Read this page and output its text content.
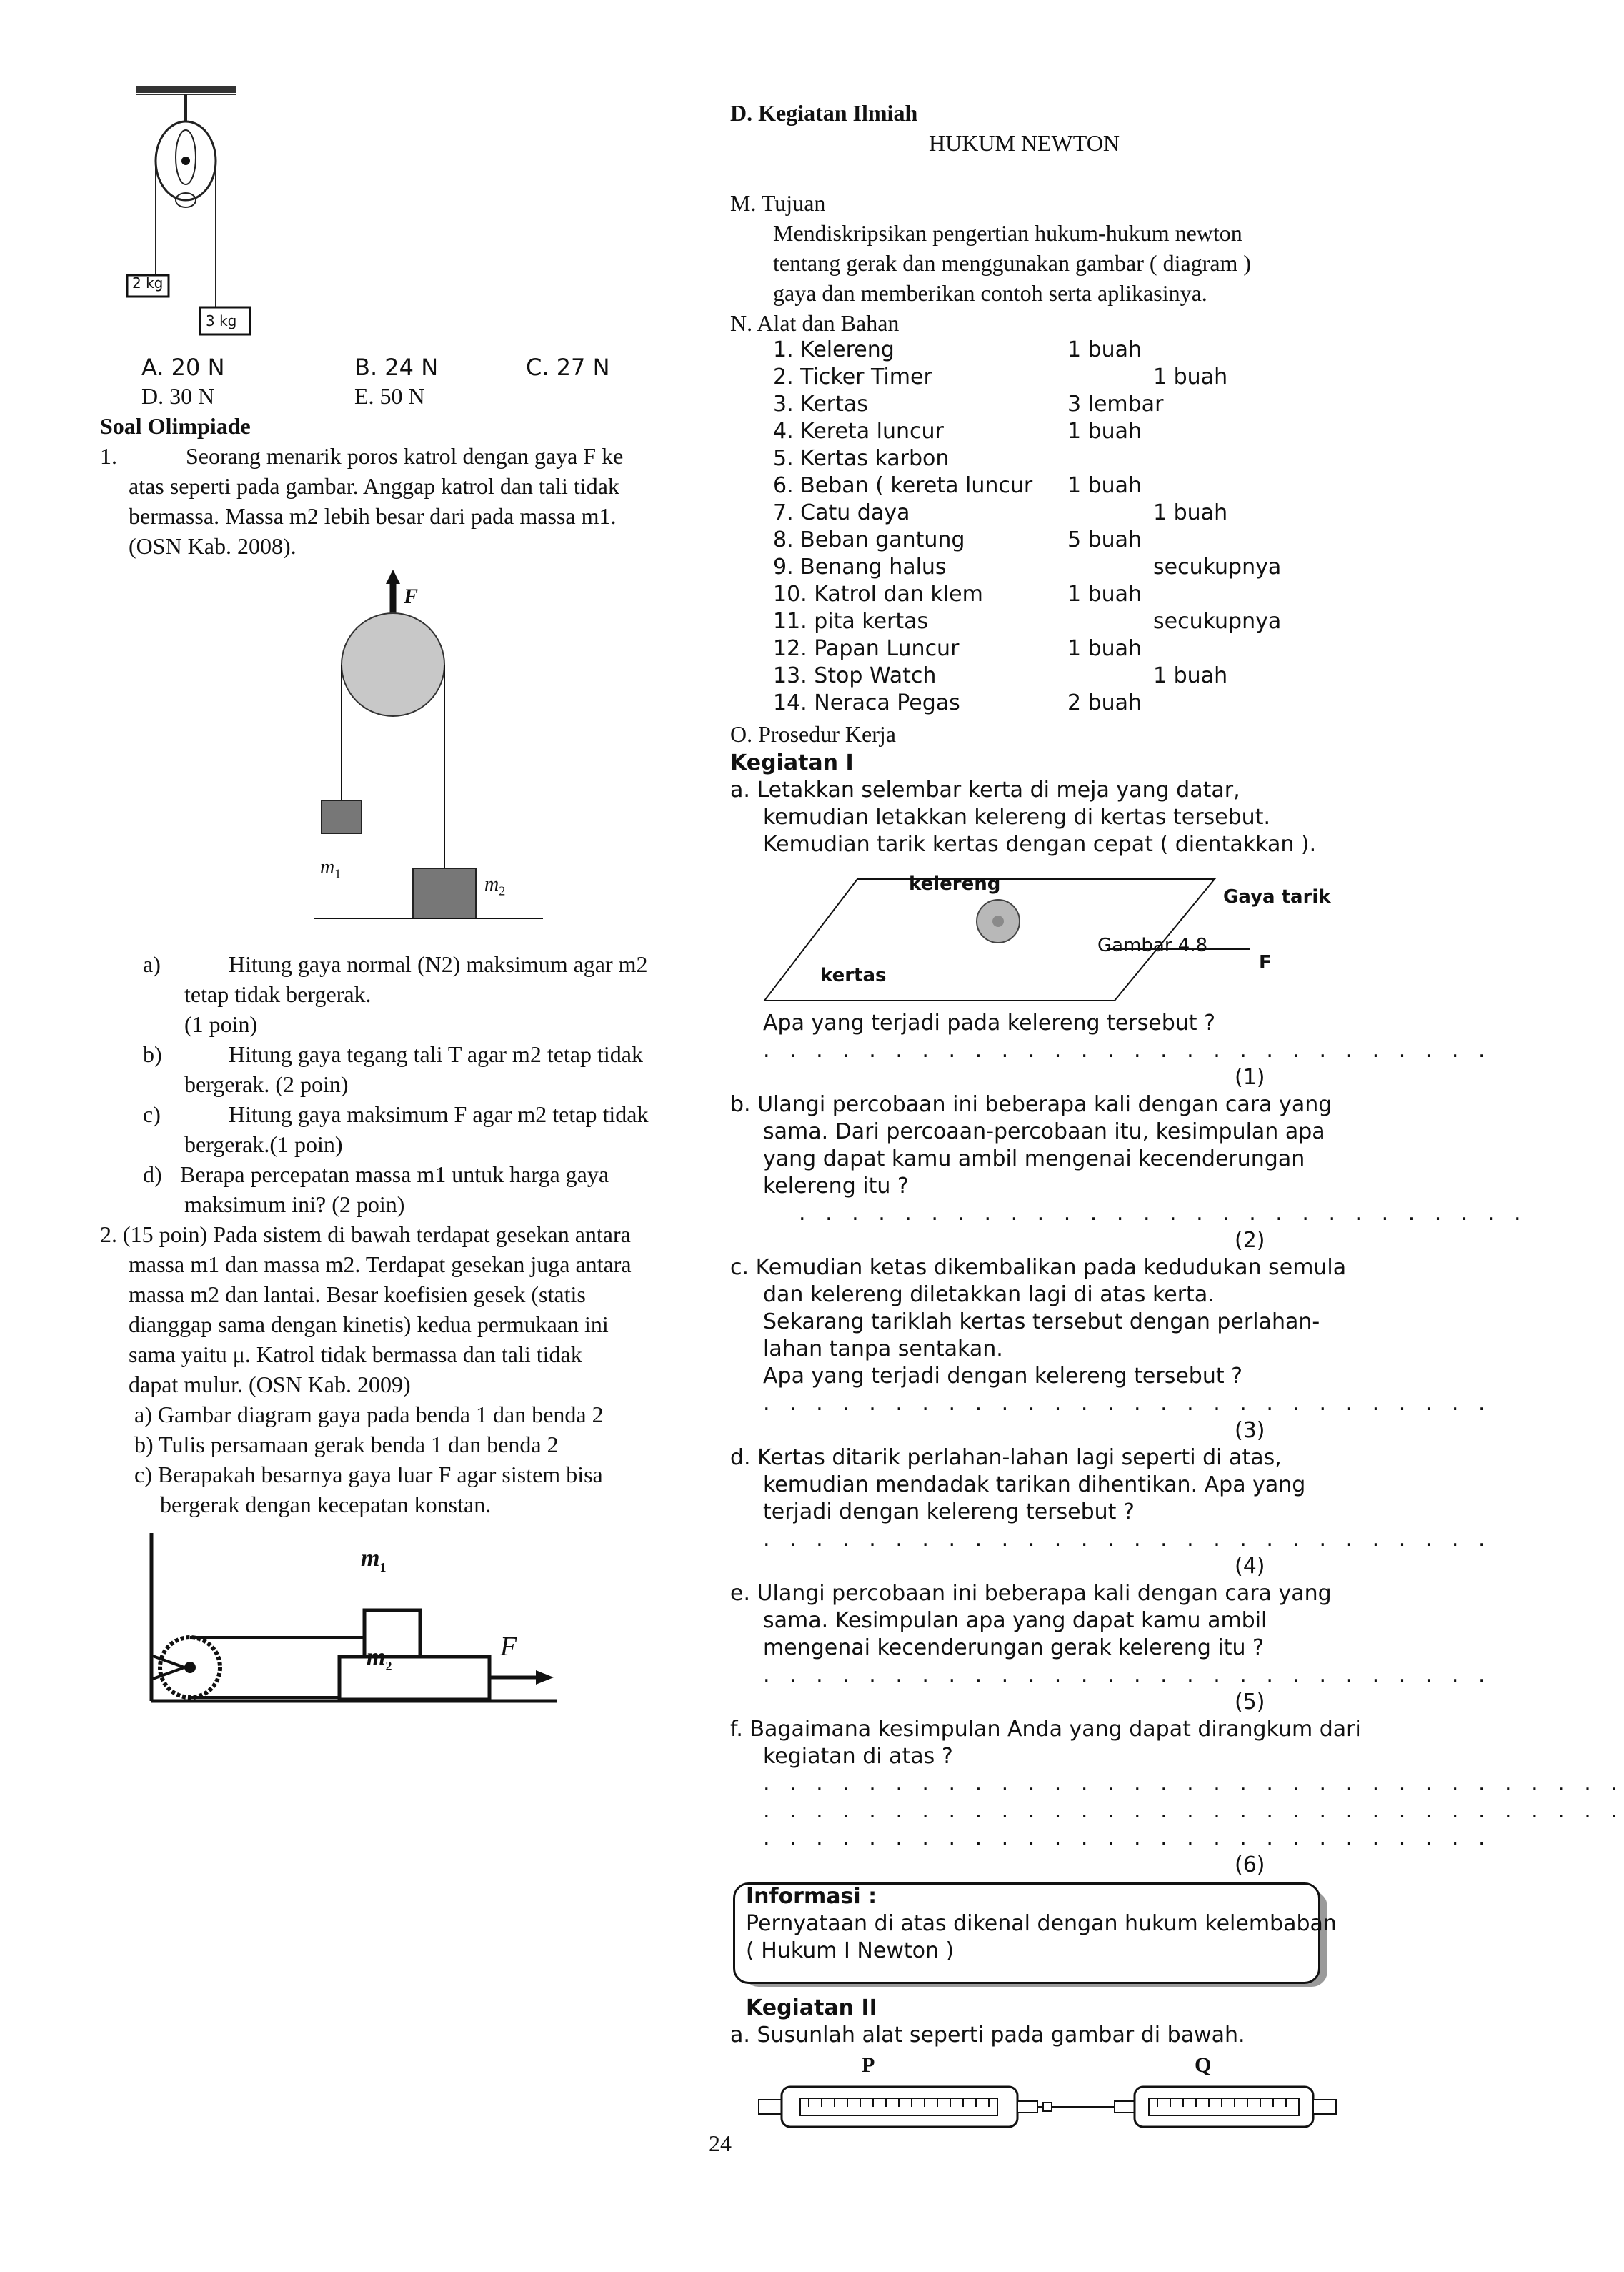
2 kg
3 kg
A. 20 N	B. 24 N	C. 27 N
D. 30 N	E. 50 N
Soal Olimpiade
1.	Seorang menarik poros katrol dengan gaya F ke
atas seperti pada gambar. Anggap katrol dan tali tidak
bermassa. Massa m2 lebih besar dari pada massa m1.
(OSN Kab. 2008).
F
$m_1$	$m_2$
a)	Hitung gaya normal (N2) maksimum agar m2
tetap tidak bergerak.
(1 poin)
b)	Hitung gaya tegang tali T agar m2 tetap tidak
bergerak. (2 poin)
c)	Hitung gaya maksimum F agar m2 tetap tidak
bergerak.(1 poin)
d) Berapa percepatan massa m1 untuk harga gaya
maksimum ini? (2 poin)
2. (15 poin) Pada sistem di bawah terdapat gesekan antara
massa m1 dan massa m2. Terdapat gesekan juga antara
massa m2 dan lantai. Besar koefisien gesek (statis
dianggap sama dengan kinetis) kedua permukaan ini
sama yaitu μ. Katrol tidak bermassa dan tali tidak
dapat mulur. (OSN Kab. 2009)
a) Gambar diagram gaya pada benda 1 dan benda 2
b) Tulis persamaan gerak benda 1 dan benda 2
c) Berapakah besarnya gaya luar F agar sistem bisa
bergerak dengan kecepatan konstan.
$m_1$
$m_2$
F
D. Kegiatan Ilmiah
HUKUM NEWTON
M. Tujuan
Mendiskripsikan pengertian hukum-hukum newton
tentang gerak dan menggunakan gambar ( diagram )
gaya dan memberikan contoh serta aplikasinya.
N. Alat dan Bahan
1. Kelereng	1 buah
2. Ticker Timer	1 buah
3. Kertas	3 lembar
4. Kereta luncur	1 buah
5. Kertas karbon
6. Beban ( kereta luncur 1 buah
7. Catu daya	1 buah
8. Beban gantung	5 buah
9. Benang halus	secukupnya
10. Katrol dan klem	1 buah
11. pita kertas	secukupnya
12. Papan Luncur	1 buah
13. Stop Watch	1 buah
14. Neraca Pegas	2 buah
O. Prosedur Kerja
Kegiatan I
a. Letakkan selembar kerta di meja yang datar,
kemudian letakkan kelereng di kertas tersebut.
Kemudian tarik kertas dengan cepat ( dientakkan ).
kelereng
Gaya tarik
Gambar 4.8
F
kertas
Apa yang terjadi pada kelereng tersebut ?
. . . . . . . . . . . . . . . . . . . . . . . . . . . .
(1)
b. Ulangi percobaan ini beberapa kali dengan cara yang
sama. Dari percoaan-percobaan itu, kesimpulan apa
yang dapat kamu ambil mengenai kecenderungan
kelereng itu ?
. . . . . . . . . . . . . . . . . . . . . . . . . . . .
(2)
c. Kemudian ketas dikembalikan pada kedudukan semula
dan kelereng diletakkan lagi di atas kerta.
Sekarang tariklah kertas tersebut dengan perlahan-
lahan tanpa sentakan.
Apa yang terjadi dengan kelereng tersebut ?
. . . . . . . . . . . . . . . . . . . . . . . . . . . .
(3)
d. Kertas ditarik perlahan-lahan lagi seperti di atas,
kemudian mendadak tarikan dihentikan. Apa yang
terjadi dengan kelereng tersebut ?
. . . . . . . . . . . . . . . . . . . . . . . . . . . .
(4)
e. Ulangi percobaan ini beberapa kali dengan cara yang
sama. Kesimpulan apa yang dapat kamu ambil
mengenai kecenderungan gerak kelereng itu ?
. . . . . . . . . . . . . . . . . . . . . . . . . . . .
(5)
f. Bagaimana kesimpulan Anda yang dapat dirangkum dari
kegiatan di atas ?
. . . . . . . . . . . . . . . . . . . . . . . . . . . . . . . . .
. . . . . . . . . . . . . . . . . . . . . . . . . . . . . . . . .
. . . . . . . . . . . . . . . . . . . . . . . . . . . .
(6)
Informasi :
Pernyataan di atas dikenal dengan hukum kelembaban
( Hukum I Newton )
Kegiatan II
a. Susunlah alat seperti pada gambar di bawah.
P	Q
24
